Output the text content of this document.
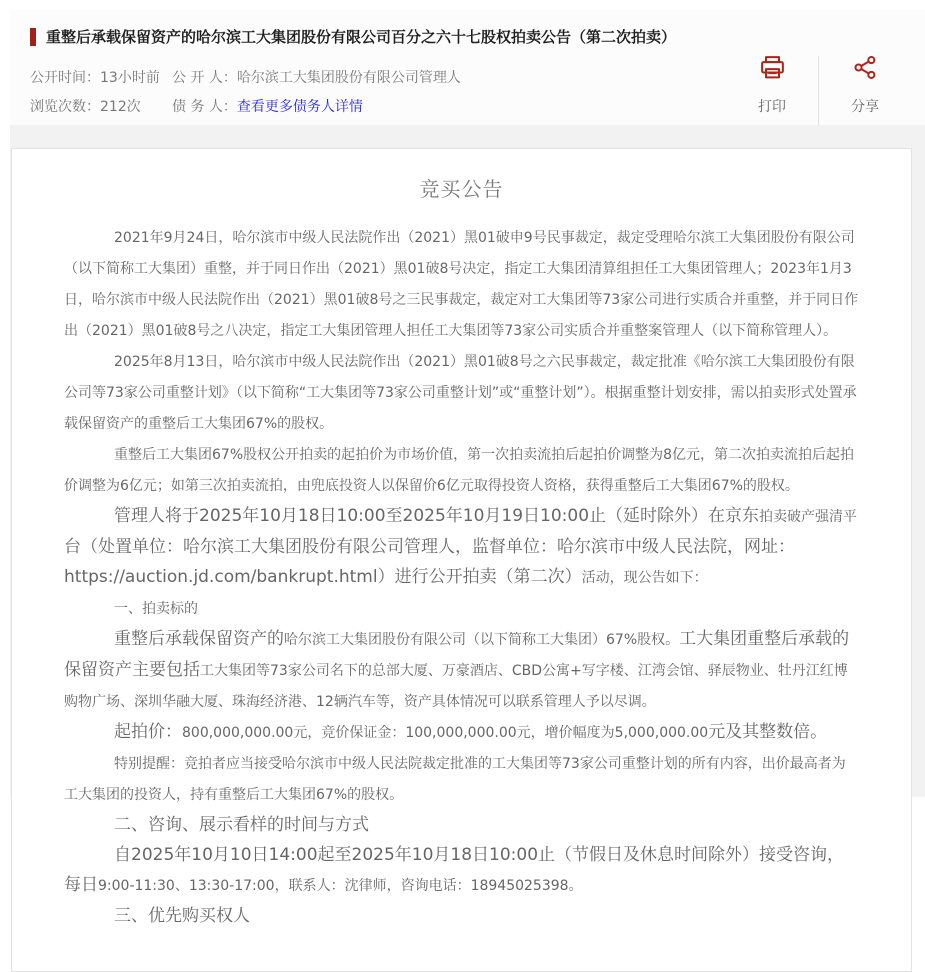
重整后承载保留资产的哈尔滨工大集团股份有限公司百分之六十七股权拍卖公告（第二次拍卖）
公开时间： 13小时前 公 开 人： 哈尔滨工大集团股份有限公司管理人
浏览次数： 212次 债 务 人： 查看更多债务人详情	打印	分享
竞买公告

2021年9月24日，哈尔滨市中级人民法院作出（2021）黑01破申9号民事裁定，裁定受理哈尔滨工大集团股份有限公司（以下简称工大集团）重整，并于同日作出（2021）黑01破8号决定，指定工大集团清算组担任工大集团管理人；2023年1月3日，哈尔滨市中级人民法院作出（2021）黑01破8号之三民事裁定，裁定对工大集团等73家公司进行实质合并重整，并于同日作出（2021）黑01破8号之八决定，指定工大集团管理人担任工大集团等73家公司实质合并重整案管理人（以下简称管理人）。

2025年8月13日，哈尔滨市中级人民法院作出（2021）黑01破8号之六民事裁定，裁定批准《哈尔滨工大集团股份有限公司等73家公司重整计划》（以下简称“工大集团等73家公司重整计划”或“重整计划”）。根据重整计划安排，需以拍卖形式处置承载保留资产的重整后工大集团67%的股权。

重整后工大集团67%股权公开拍卖的起拍价为市场价值，第一次拍卖流拍后起拍价调整为8亿元，第二次拍卖流拍后起拍价调整为6亿元；如第三次拍卖流拍，由兜底投资人以保留价6亿元取得投资人资格，获得重整后工大集团67%的股权。

管理人将于2025年10月18日10:00至2025年10月19日10:00止（延时除外）在京东拍卖破产强清平台（处置单位：哈尔滨工大集团股份有限公司管理人，监督单位：哈尔滨市中级人民法院，网址：https://auction.jd.com/bankrupt.html）进行公开拍卖（第二次）活动，现公告如下：

一、拍卖标的

重整后承载保留资产的哈尔滨工大集团股份有限公司（以下简称工大集团）67%股权。工大集团重整后承载的保留资产主要包括工大集团等73家公司名下的总部大厦、万豪酒店、CBD公寓+写字楼、江湾会馆、驿辰物业、牡丹江红博购物广场、深圳华融大厦、珠海经济港、12辆汽车等，资产具体情况可以联系管理人予以尽调。

起拍价：800,000,000.00元，竞价保证金：100,000,000.00元，增价幅度为5,000,000.00元及其整数倍。

特别提醒：竞拍者应当接受哈尔滨市中级人民法院裁定批准的工大集团等73家公司重整计划的所有内容，出价最高者为工大集团的投资人，持有重整后工大集团67%的股权。

二、咨询、展示看样的时间与方式

自2025年10月10日14:00起至2025年10月18日10:00止（节假日及休息时间除外）接受咨询，每日9:00-11:30、13:30-17:00，联系人：沈律师，咨询电话：18945025398。

三、优先购买权人
